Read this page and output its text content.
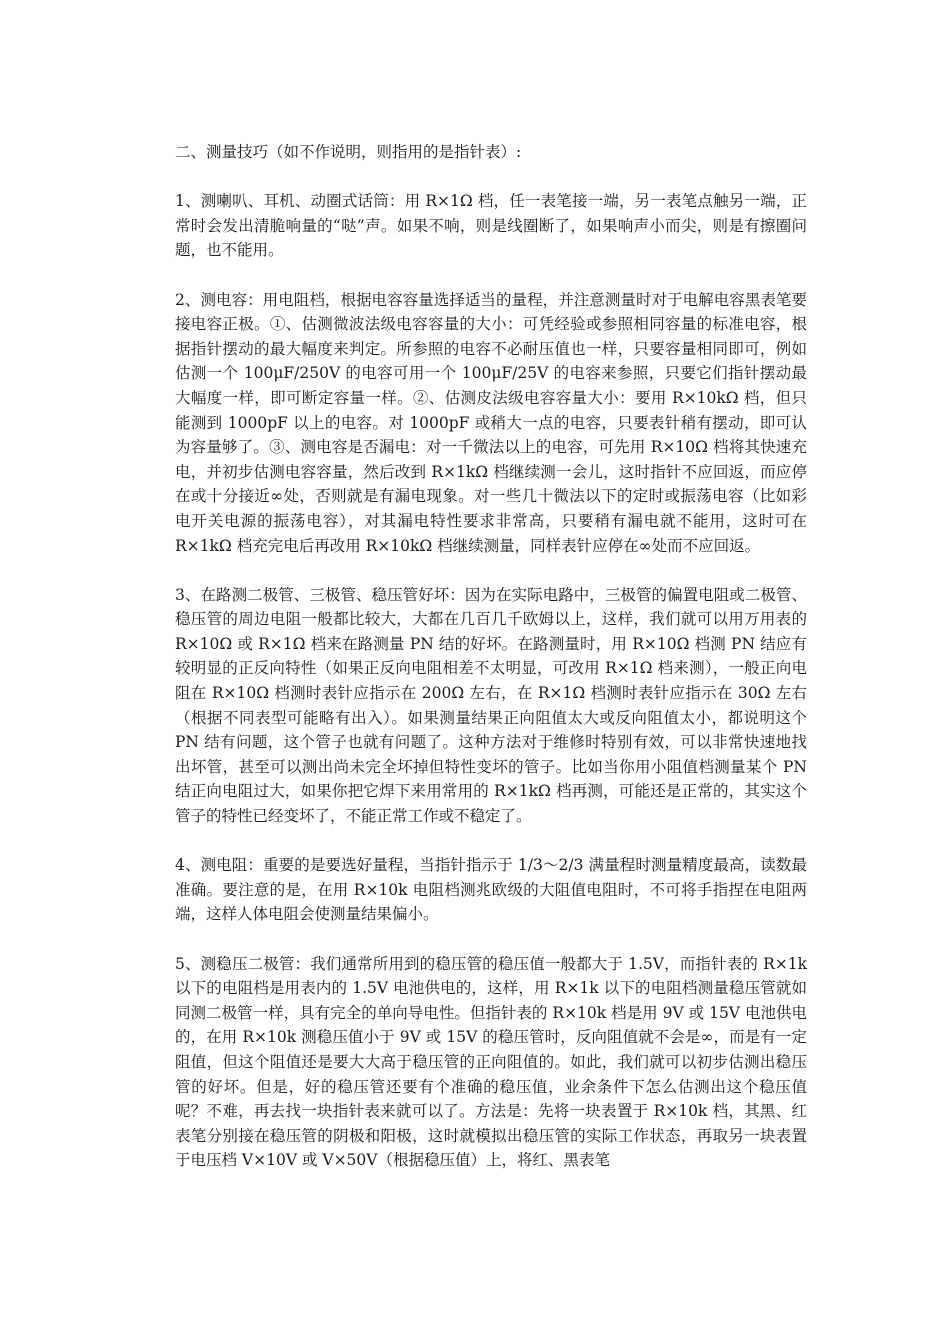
二、测量技巧（如不作说明，则指用的是指针表）:

1、测喇叭、耳机、动圈式话筒：用 R×1Ω 档，任一表笔接一端，另一表笔点触另一端，正常时会发出清脆响量的“哒”声。如果不响，则是线圈断了，如果响声小而尖，则是有擦圈问题，也不能用。

2、测电容：用电阻档，根据电容容量选择适当的量程，并注意测量时对于电解电容黑表笔要接电容正极。①、估测微波法级电容容量的大小：可凭经验或参照相同容量的标准电容，根据指针摆动的最大幅度来判定。所参照的电容不必耐压值也一样，只要容量相同即可，例如估测一个 100μF/250V 的电容可用一个 100μF/25V 的电容来参照，只要它们指针摆动最大幅度一样，即可断定容量一样。②、估测皮法级电容容量大小：要用 R×10kΩ 档，但只能测到 1000pF 以上的电容。对 1000pF 或稍大一点的电容，只要表针稍有摆动，即可认为容量够了。③、测电容是否漏电：对一千微法以上的电容，可先用 R×10Ω 档将其快速充电，并初步估测电容容量，然后改到 R×1kΩ 档继续测一会儿，这时指针不应回返，而应停在或十分接近∞处，否则就是有漏电现象。对一些几十微法以下的定时或振荡电容（比如彩电开关电源的振荡电容），对其漏电特性要求非常高，只要稍有漏电就不能用，这时可在 R×1kΩ 档充完电后再改用 R×10kΩ 档继续测量，同样表针应停在∞处而不应回返。

3、在路测二极管、三极管、稳压管好坏：因为在实际电路中，三极管的偏置电阻或二极管、稳压管的周边电阻一般都比较大，大都在几百几千欧姆以上，这样，我们就可以用万用表的 R×10Ω 或 R×1Ω 档来在路测量 PN 结的好坏。在路测量时，用 R×10Ω 档测 PN 结应有较明显的正反向特性（如果正反向电阻相差不太明显，可改用 R×1Ω 档来测），一般正向电阻在 R×10Ω 档测时表针应指示在 200Ω 左右，在 R×1Ω 档测时表针应指示在 30Ω 左右（根据不同表型可能略有出入）。如果测量结果正向阻值太大或反向阻值太小，都说明这个 PN 结有问题，这个管子也就有问题了。这种方法对于维修时特别有效，可以非常快速地找出坏管，甚至可以测出尚未完全坏掉但特性变坏的管子。比如当你用小阻值档测量某个 PN 结正向电阻过大，如果你把它焊下来用常用的 R×1kΩ 档再测，可能还是正常的，其实这个管子的特性已经变坏了，不能正常工作或不稳定了。

4、测电阻：重要的是要选好量程，当指针指示于 1/3～2/3 满量程时测量精度最高，读数最准确。要注意的是，在用 R×10k 电阻档测兆欧级的大阻值电阻时，不可将手指捏在电阻两端，这样人体电阻会使测量结果偏小。

5、测稳压二极管：我们通常所用到的稳压管的稳压值一般都大于 1.5V，而指针表的 R×1k 以下的电阻档是用表内的 1.5V 电池供电的，这样，用 R×1k 以下的电阻档测量稳压管就如同测二极管一样，具有完全的单向导电性。但指针表的 R×10k 档是用 9V 或 15V 电池供电的，在用 R×10k 测稳压值小于 9V 或 15V 的稳压管时，反向阻值就不会是∞，而是有一定阻值，但这个阻值还是要大大高于稳压管的正向阻值的。如此，我们就可以初步估测出稳压管的好坏。但是，好的稳压管还要有个准确的稳压值，业余条件下怎么估测出这个稳压值呢？不难，再去找一块指针表来就可以了。方法是：先将一块表置于 R×10k 档，其黑、红表笔分别接在稳压管的阴极和阳极，这时就模拟出稳压管的实际工作状态，再取另一块表置于电压档 V×10V 或 V×50V（根据稳压值）上，将红、黑表笔
